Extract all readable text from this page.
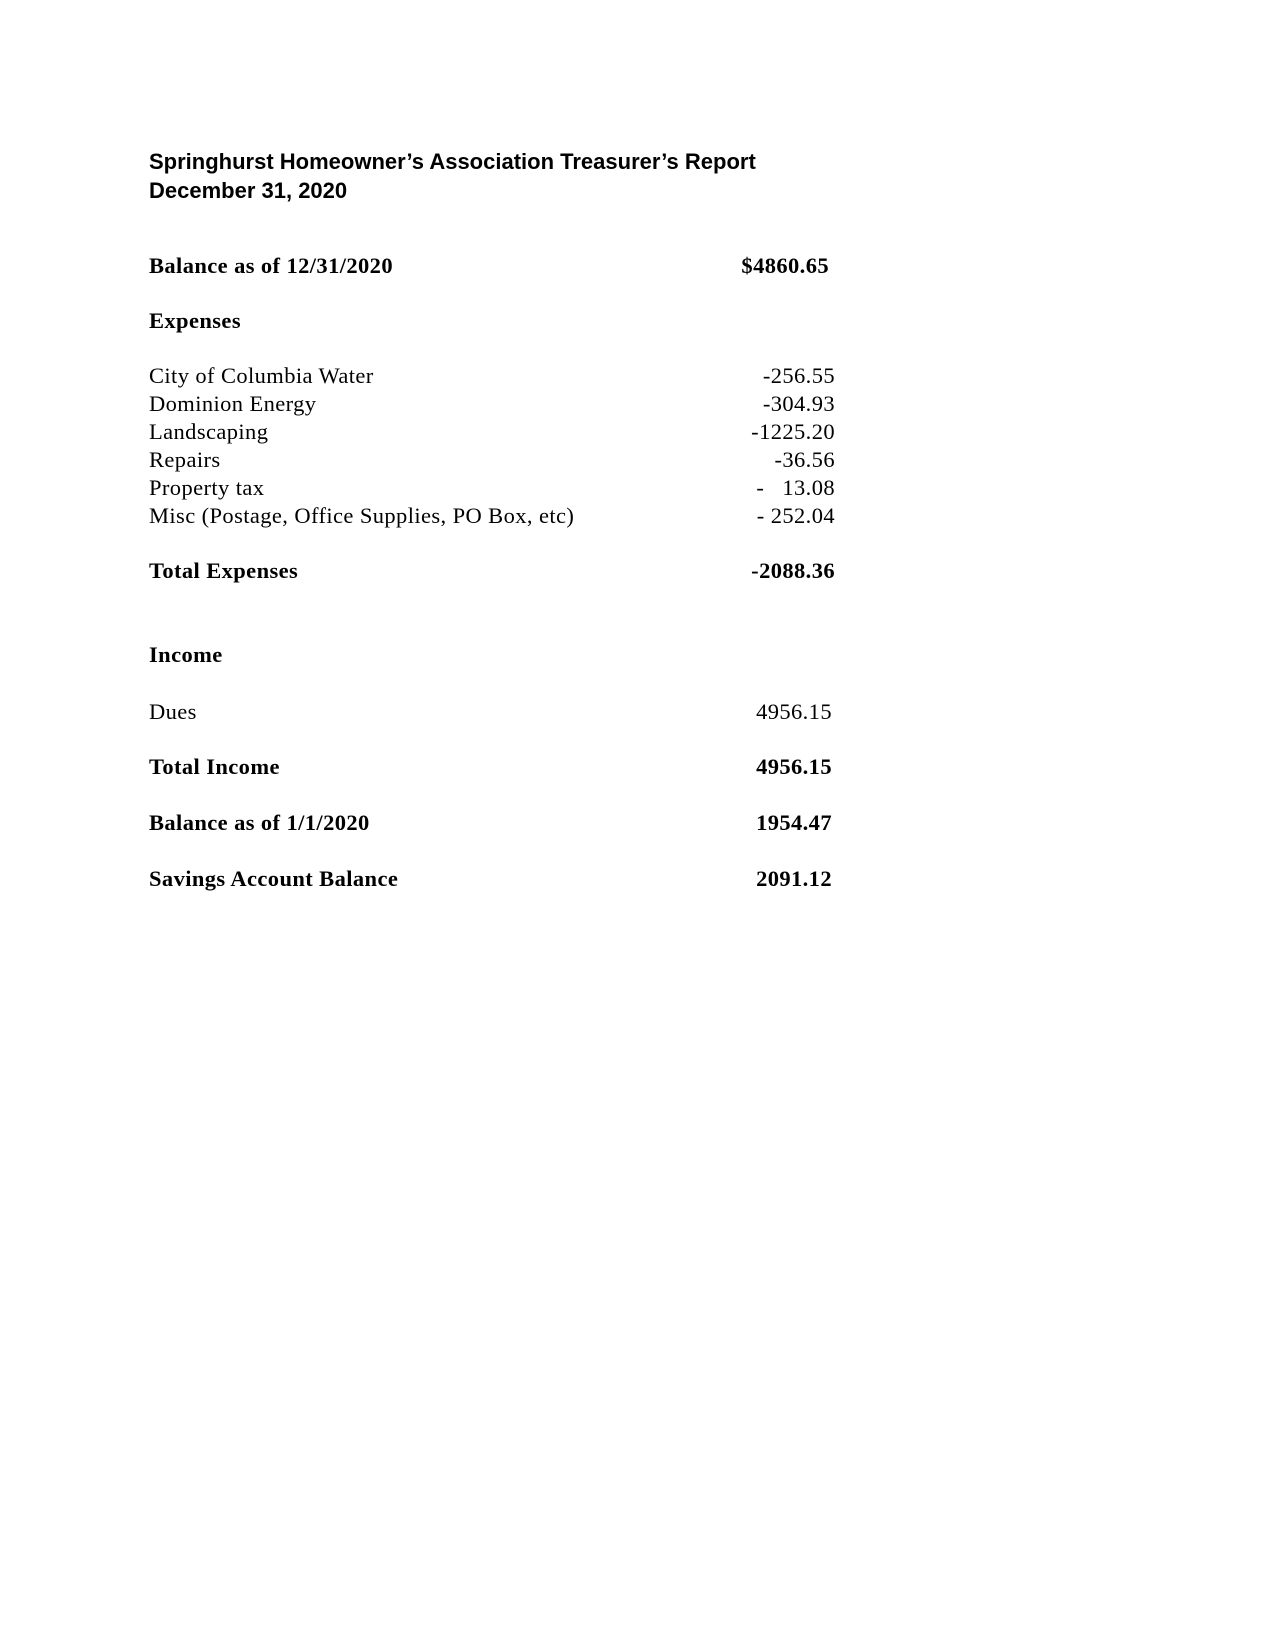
Springhurst Homeowner’s Association Treasurer’s Report
December 31, 2020
Balance as of 12/31/2020	$4860.65
Expenses
City of Columbia Water	-256.55
Dominion Energy	-304.93
Landscaping	-1225.20
Repairs	-36.56
Property tax	-   13.08
Misc (Postage, Office Supplies, PO Box, etc)	- 252.04
Total Expenses	-2088.36
Income
Dues	4956.15
Total Income	4956.15
Balance as of 1/1/2020	1954.47
Savings Account Balance	2091.12
